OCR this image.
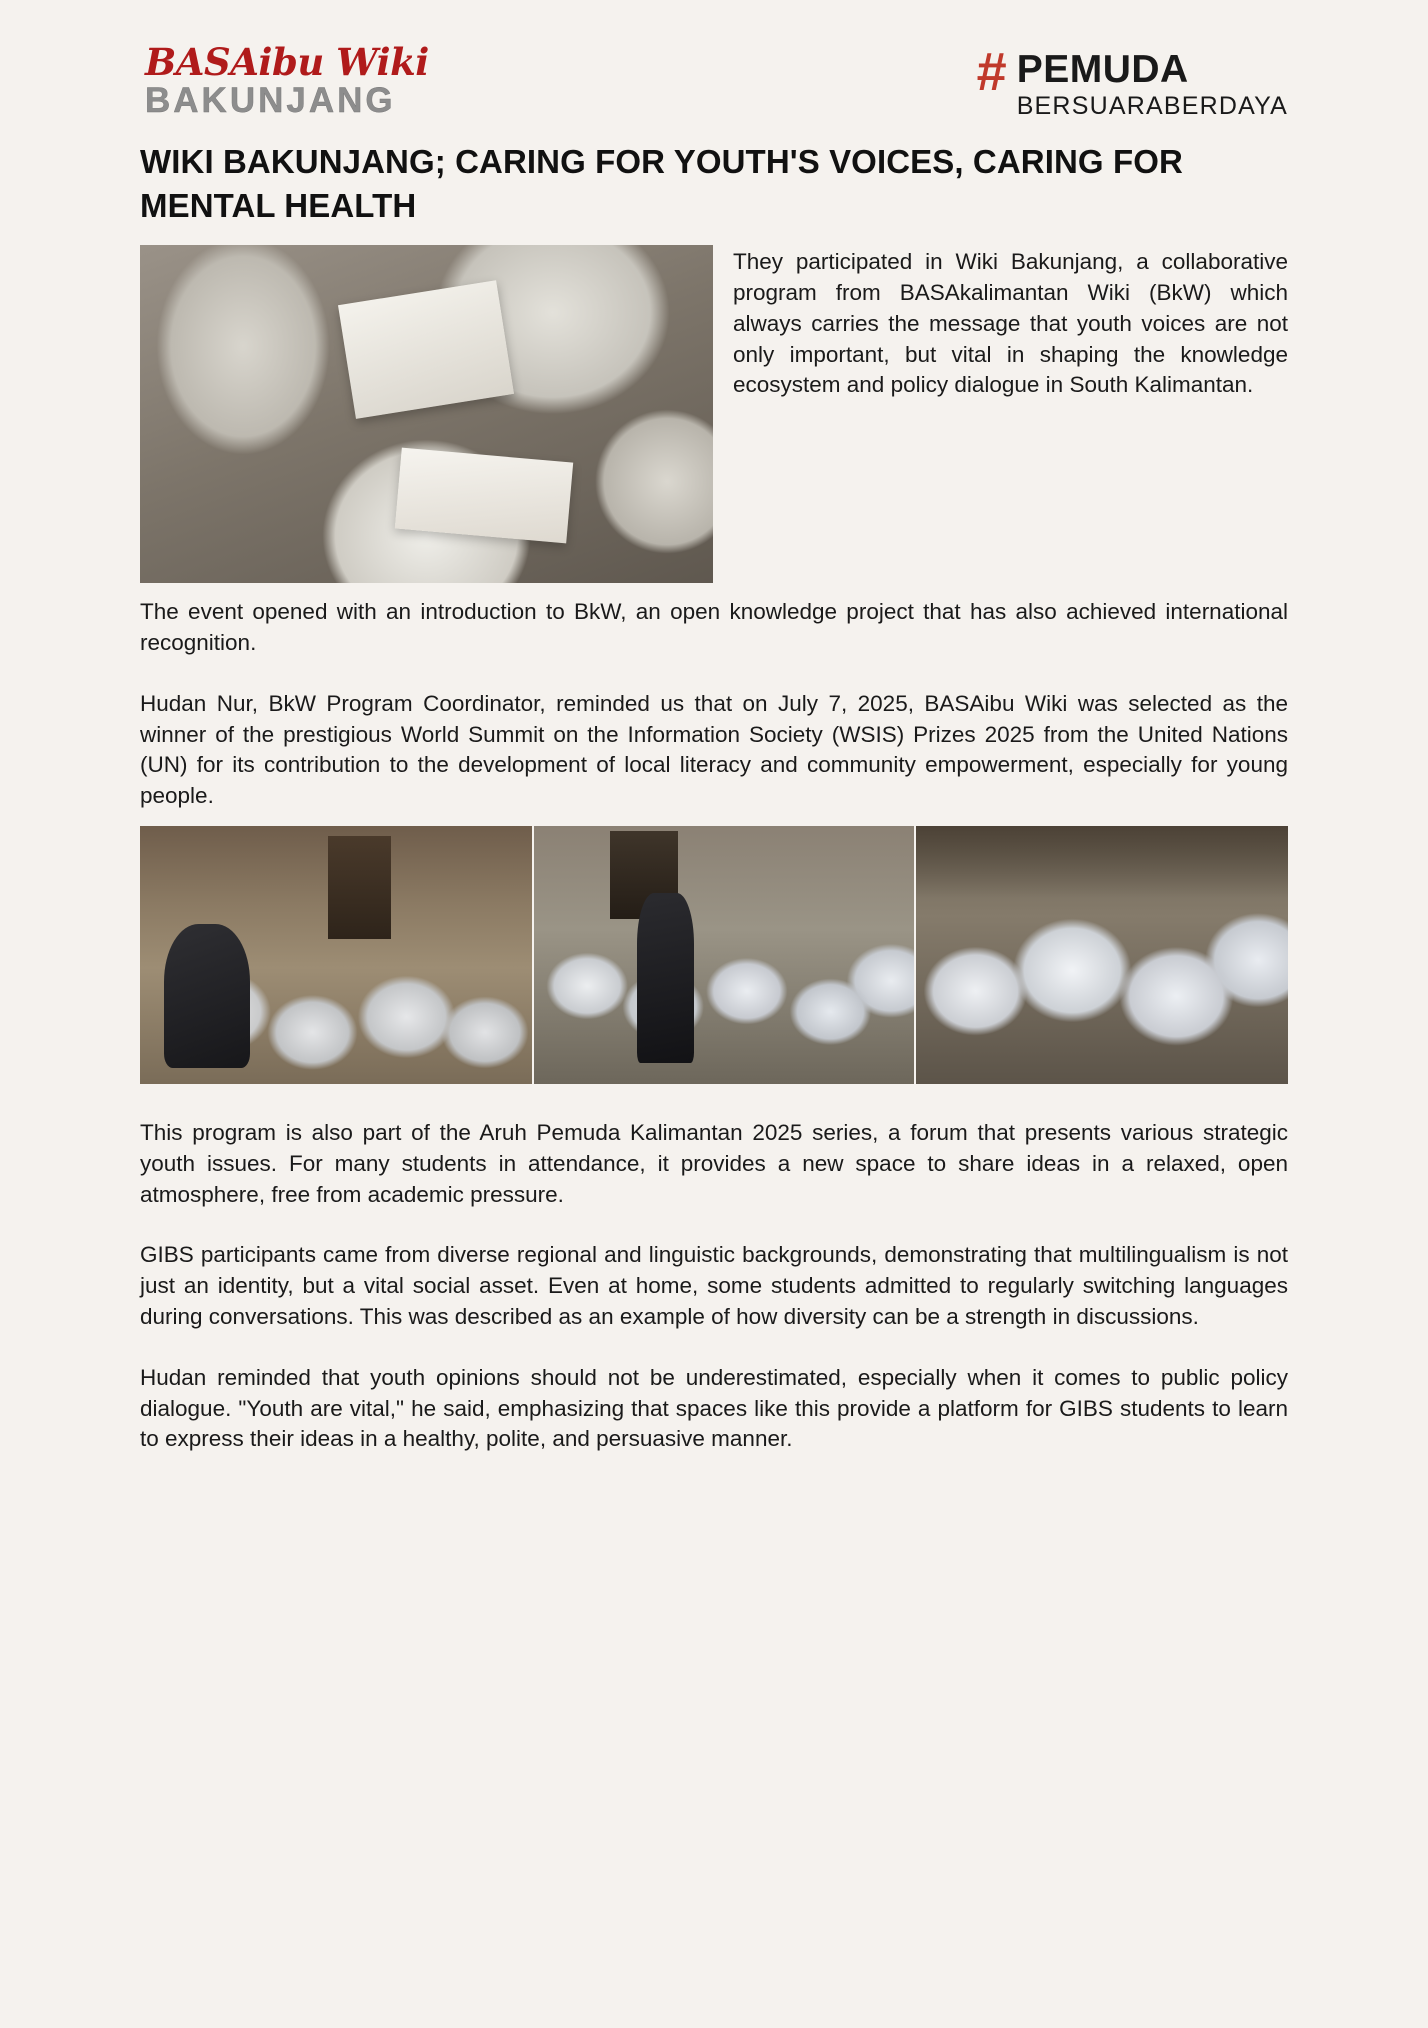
BASAibu Wiki
BAKUNJANG	# PEMUDA
BERSUARABERDAYA
WIKI BAKUNJANG; CARING FOR YOUTH'S VOICES, CARING FOR MENTAL HEALTH
They participated in Wiki Bakunjang, a collaborative program from BASAkalimantan Wiki (BkW) which always carries the message that youth voices are not only important, but vital in shaping the knowledge ecosystem and policy dialogue in South Kalimantan.

The event opened with an introduction to BkW, an open knowledge project that has also achieved international recognition.

Hudan Nur, BkW Program Coordinator, reminded us that on July 7, 2025, BASAibu Wiki was selected as the winner of the prestigious World Summit on the Information Society (WSIS) Prizes 2025 from the United Nations (UN) for its contribution to the development of local literacy and community empowerment, especially for young people.

This program is also part of the Aruh Pemuda Kalimantan 2025 series, a forum that presents various strategic youth issues. For many students in attendance, it provides a new space to share ideas in a relaxed, open atmosphere, free from academic pressure.

GIBS participants came from diverse regional and linguistic backgrounds, demonstrating that multilingualism is not just an identity, but a vital social asset. Even at home, some students admitted to regularly switching languages during conversations. This was described as an example of how diversity can be a strength in discussions.

Hudan reminded that youth opinions should not be underestimated, especially when it comes to public policy dialogue. "Youth are vital," he said, emphasizing that spaces like this provide a platform for GIBS students to learn to express their ideas in a healthy, polite, and persuasive manner.
